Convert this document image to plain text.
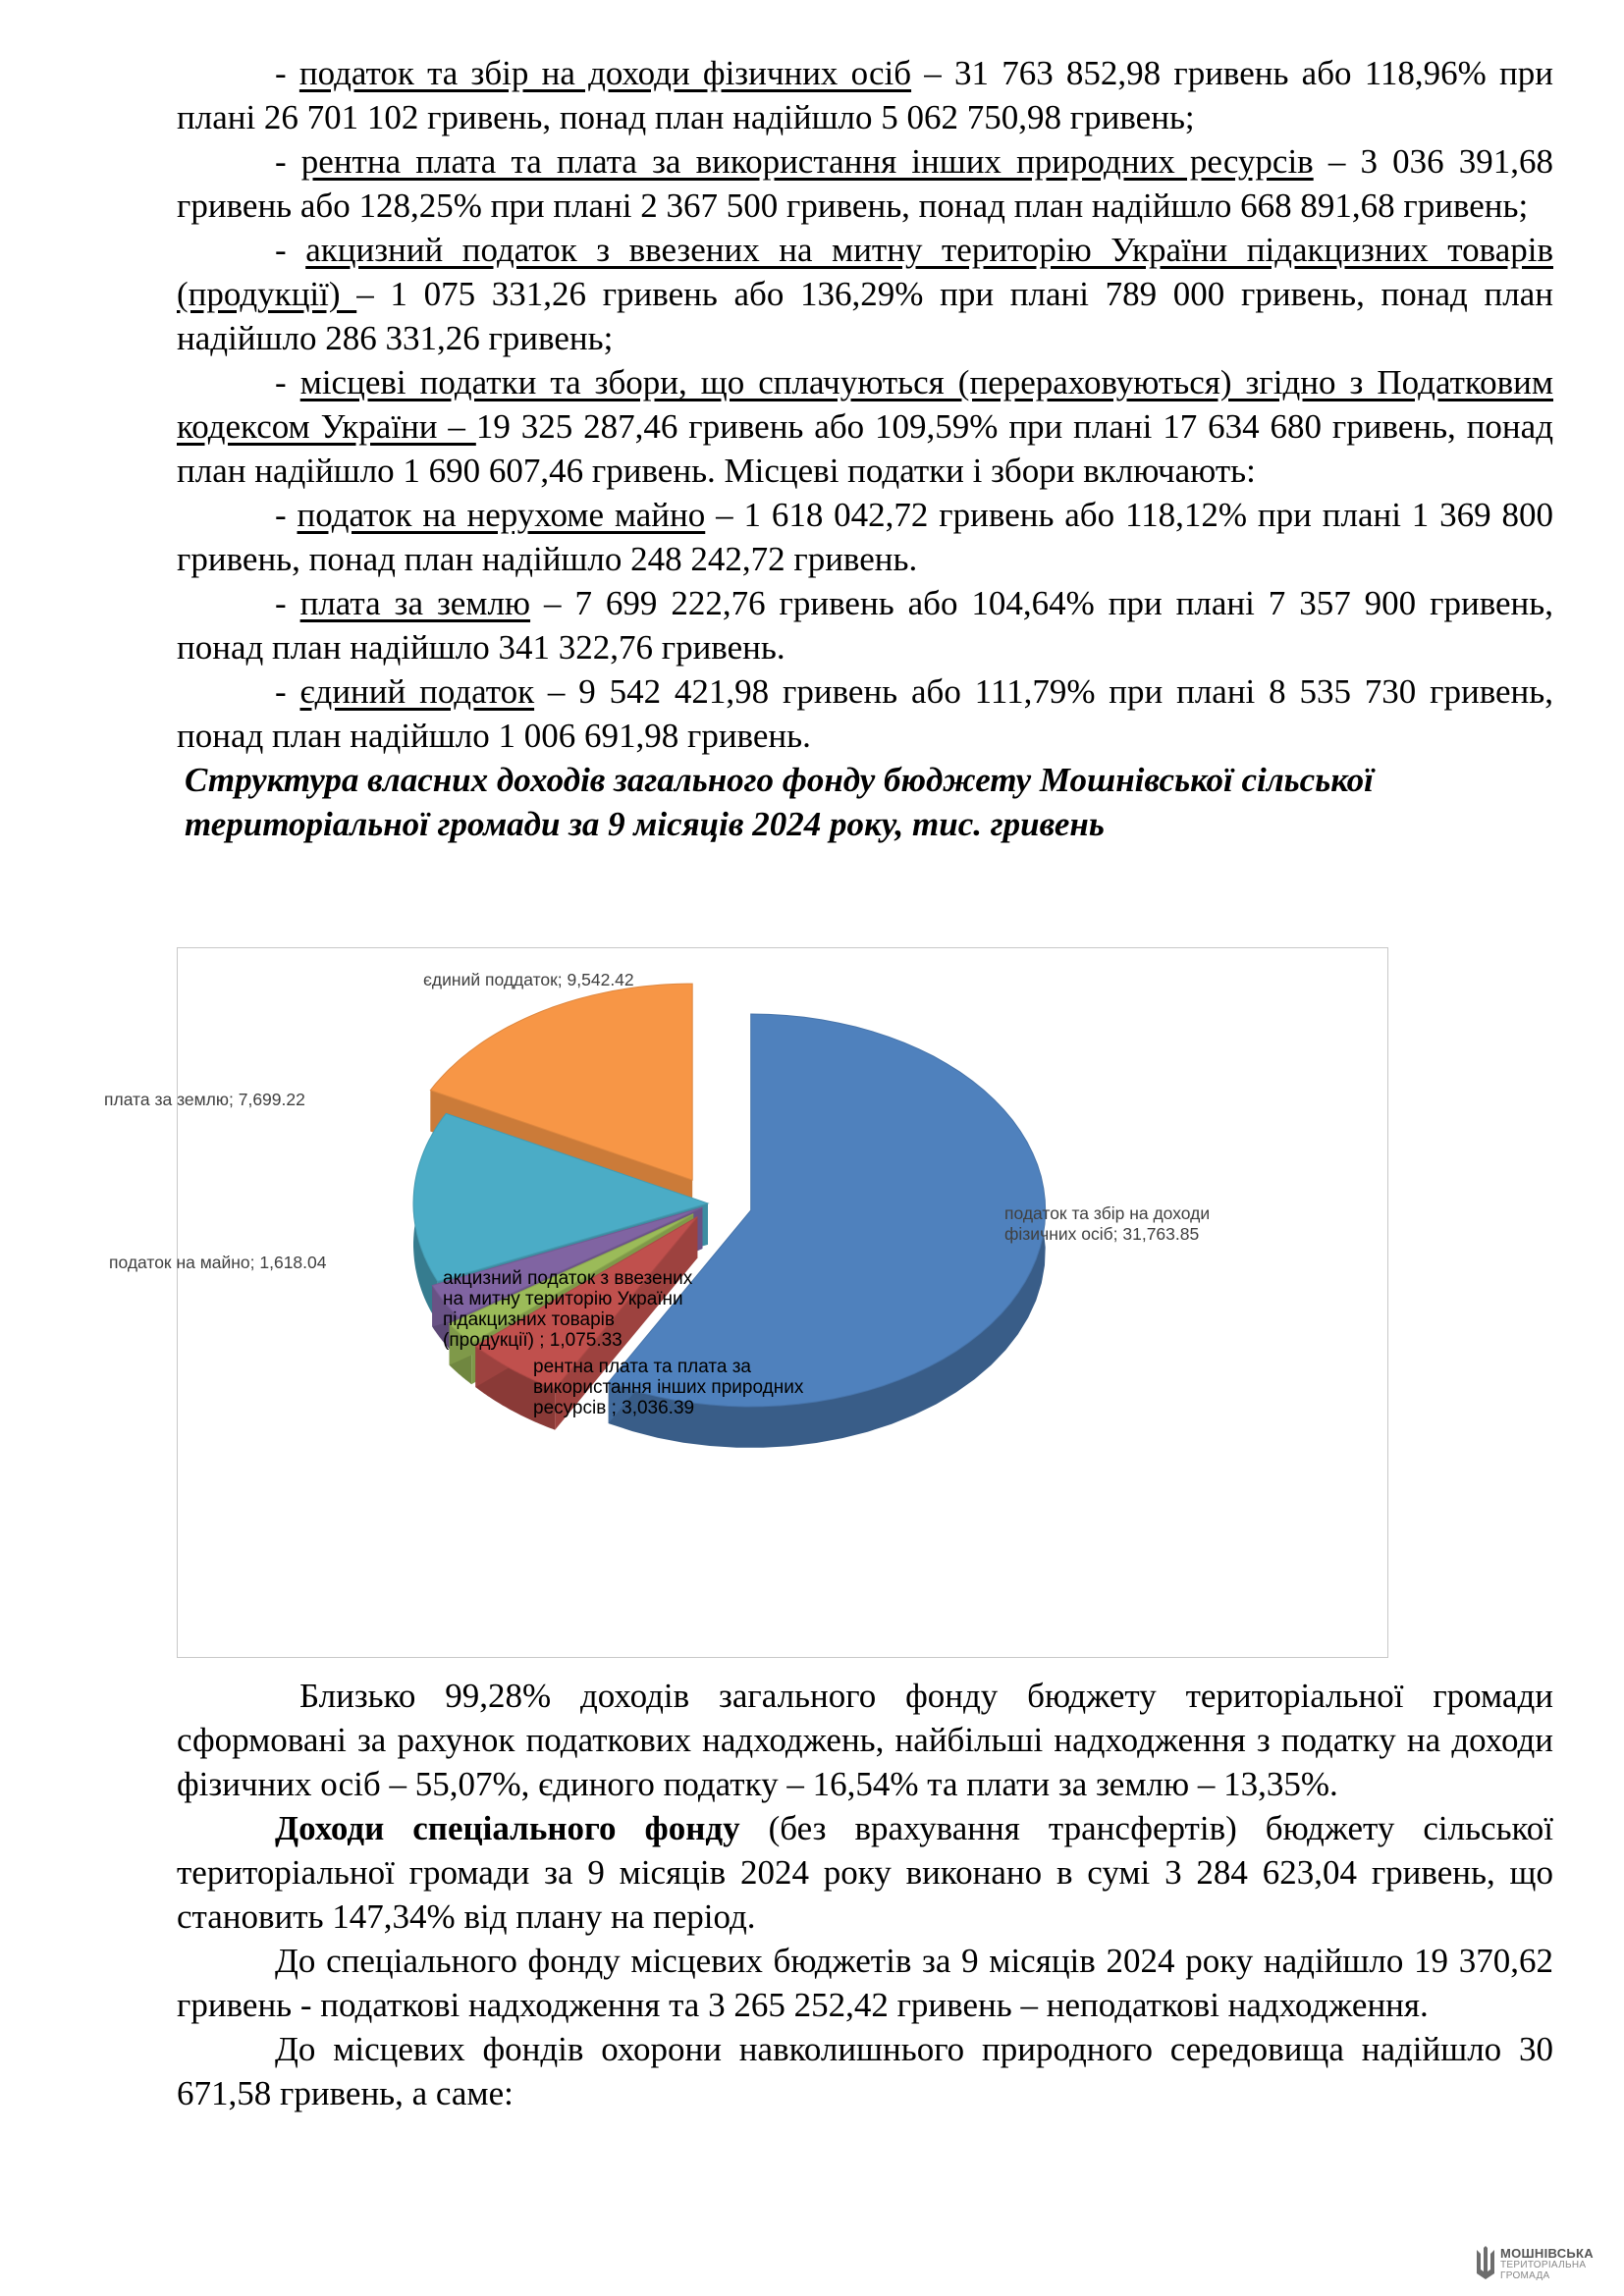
- податок та збір на доходи фізичних осіб – 31 763 852,98 гривень або 118,96% при плані 26 701 102 гривень, понад план надійшло 5 062 750,98 гривень;

- рентна плата та плата за використання інших природних ресурсів – 3 036 391,68 гривень або 128,25% при плані 2 367 500 гривень, понад план надійшло 668 891,68 гривень;

- акцизний податок з ввезених на митну територію України підакцизних товарів (продукції) – 1 075 331,26 гривень або 136,29% при плані 789 000 гривень, понад план надійшло 286 331,26 гривень;

- місцеві податки та збори, що сплачуються (перераховуються) згідно з Податковим кодексом України – 19 325 287,46 гривень або 109,59% при плані 17 634 680 гривень, понад план надійшло 1 690 607,46 гривень. Місцеві податки і збори включають:

- податок на нерухоме майно – 1 618 042,72 гривень або 118,12% при плані 1 369 800 гривень, понад план надійшло 248 242,72 гривень.

- плата за землю – 7 699 222,76 гривень або 104,64% при плані 7 357 900 гривень, понад план надійшло 341 322,76 гривень.

- єдиний податок – 9 542 421,98 гривень або 111,79% при плані 8 535 730 гривень, понад план надійшло 1 006 691,98 гривень.

Структура власних доходів загального фонду бюджету Мошнівської сільської територіальної громади за 9 місяців 2024 року, тис. гривень

податок та збір на доходи фізичних осіб; 31,763.85
рентна плата та плата за використання інших природних ресурсів ; 3,036.39
акцизний податок з ввезених на митну територію України підакцизних товарів (продукції) ; 1,075.33
податок на майно; 1,618.04
плата за землю; 7,699.22
єдиний поддаток; 9,542.42

Близько 99,28% доходів загального фонду бюджету територіальної громади сформовані за рахунок податкових надходжень, найбільші надходження з податку на доходи фізичних осіб – 55,07%, єдиного податку – 16,54% та плати за землю – 13,35%.

Доходи спеціального фонду (без врахування трансфертів) бюджету сільської територіальної громади за 9 місяців 2024 року виконано в сумі 3 284 623,04 гривень, що становить 147,34% від плану на період.

До спеціального фонду місцевих бюджетів за 9 місяців 2024 року надійшло 19 370,62 гривень - податкові надходження та 3 265 252,42 гривень – неподаткові надходження.

До місцевих фондів охорони навколишнього природного середовища надійшло 30 671,58 гривень, а саме:

МОШНІВСЬКА
ТЕРИТОРІАЛЬНА
ГРОМАДА
